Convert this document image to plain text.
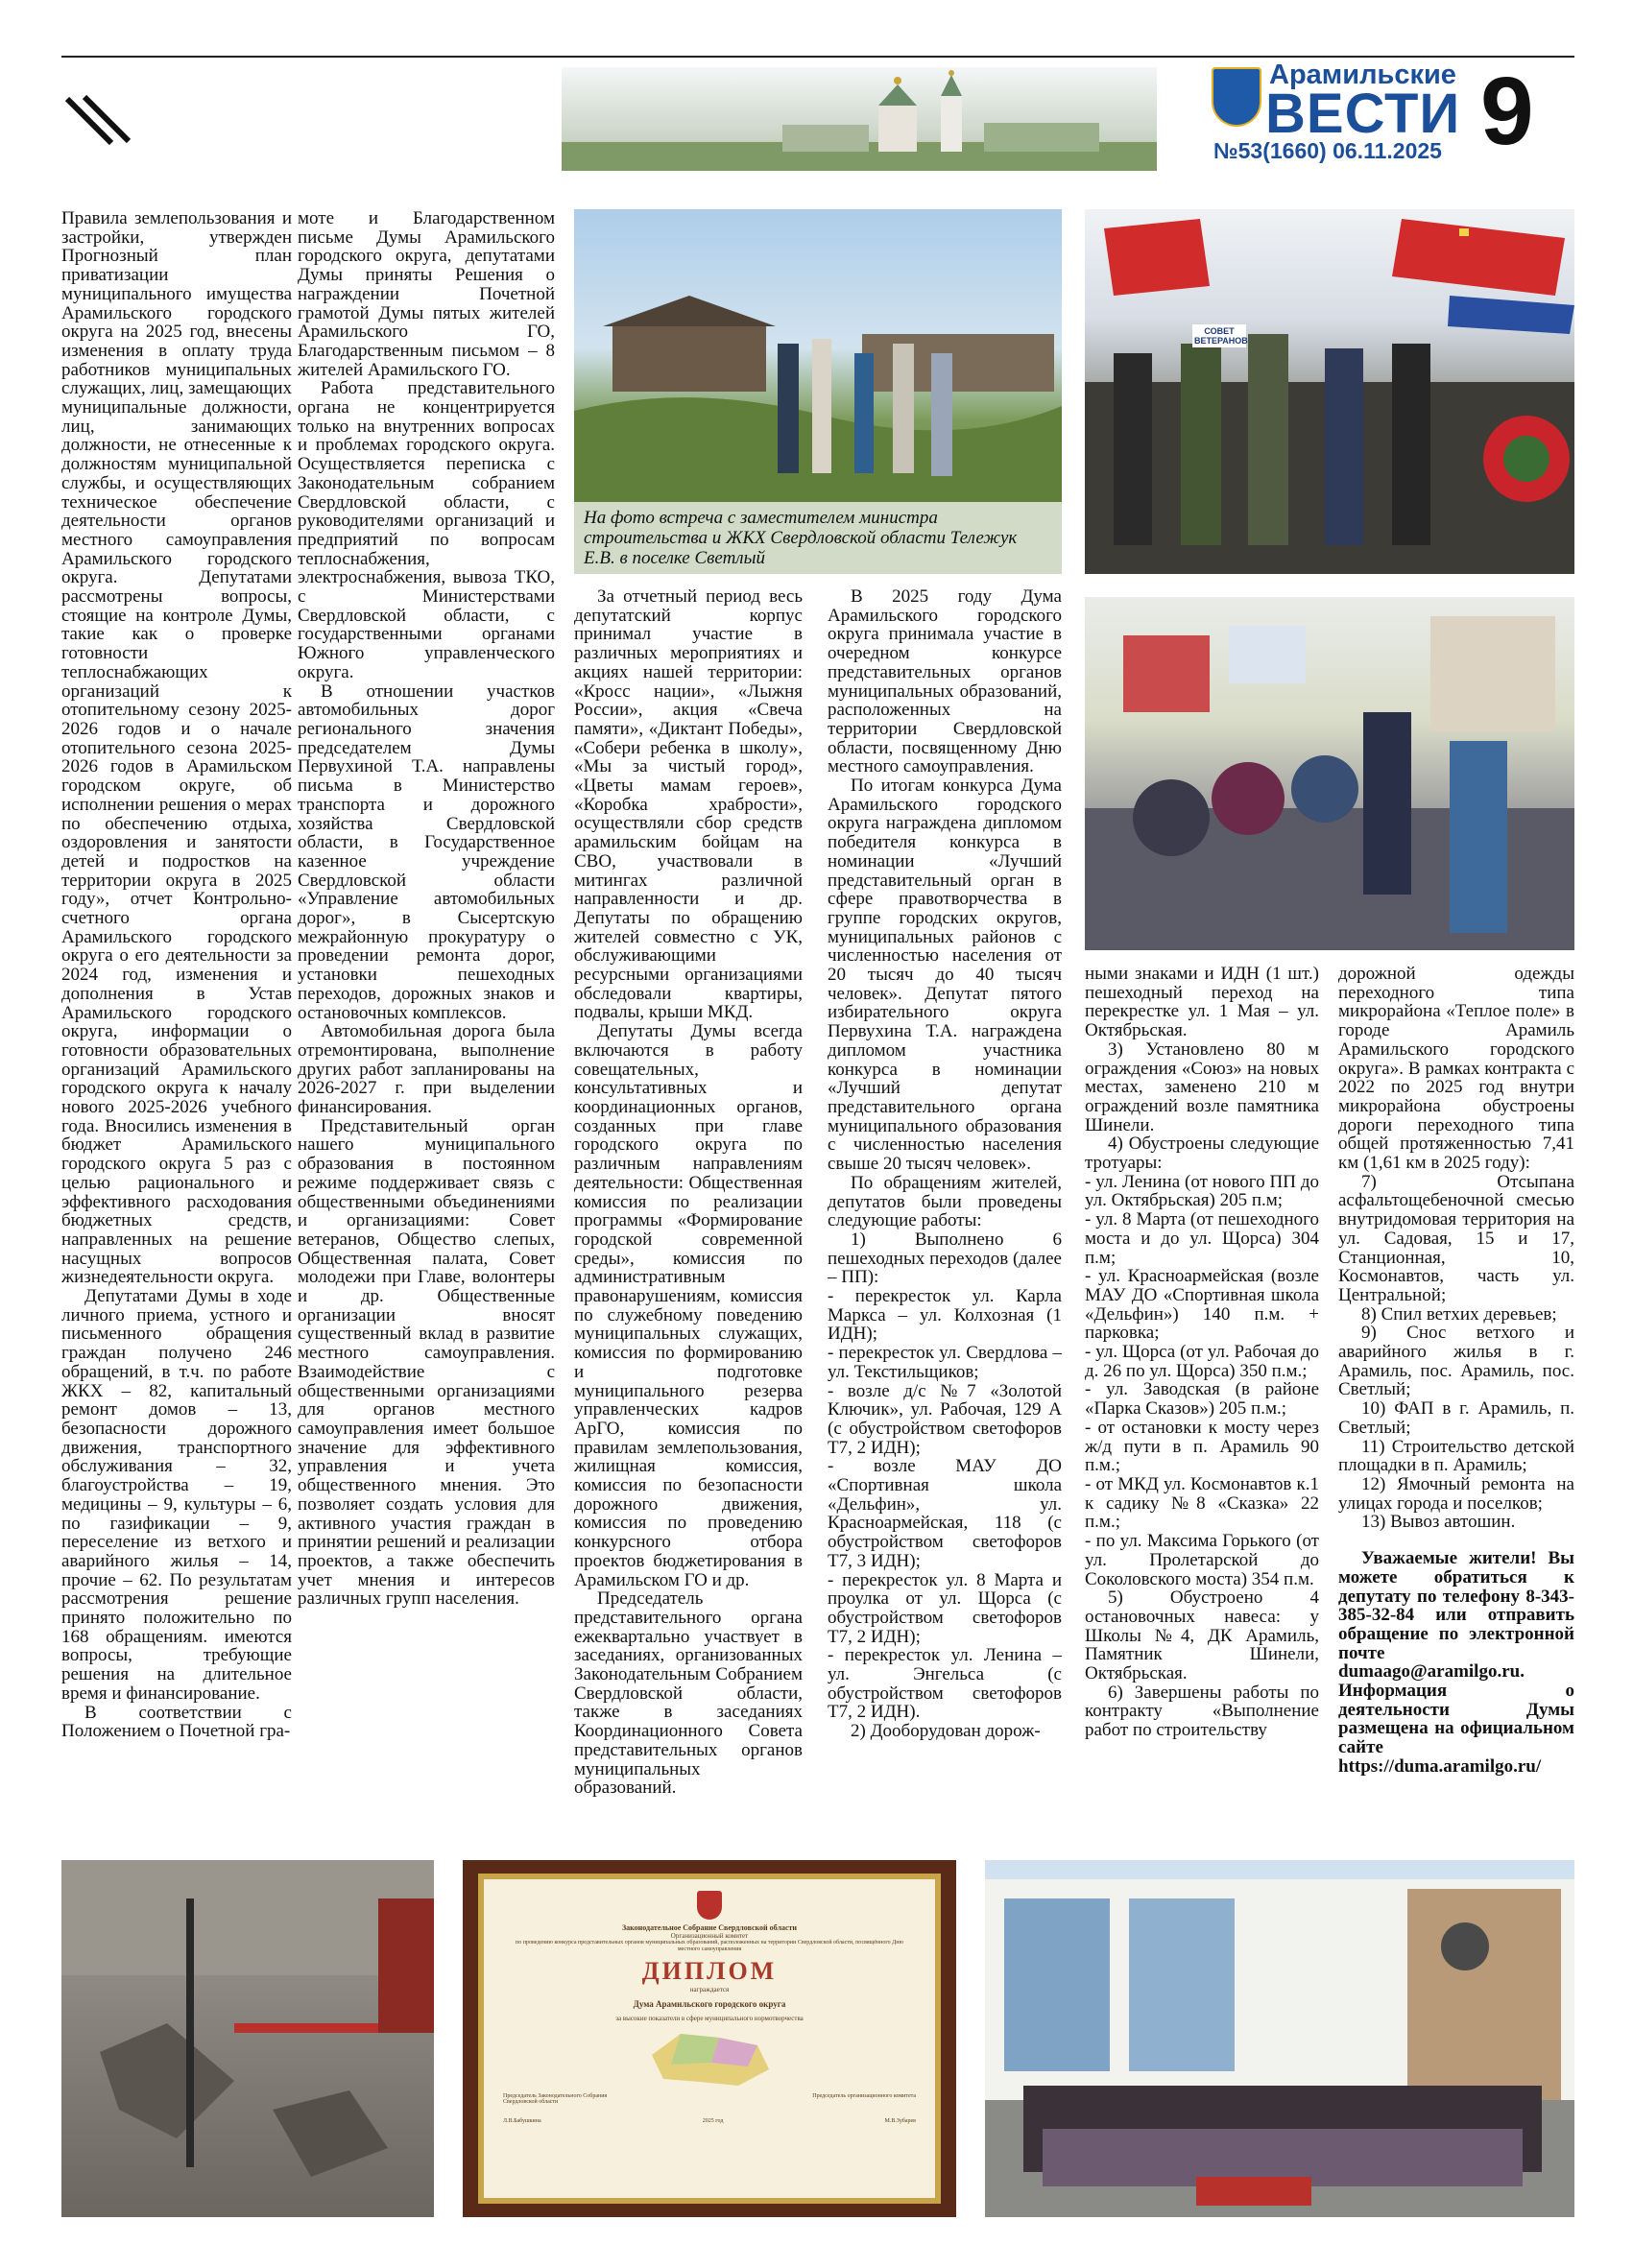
Арамильские
ВЕСТИ
№53(1660) 06.11.2025 9

Правила землепользования и застройки, утвержден Прогнозный план приватизации муниципального имущества Арамильского городского округа на 2025 год, внесены изменения в оплату труда работников муниципальных служащих, лиц, замещающих муниципальные должности, лиц, занимающих должности, не отнесенные к должностям муниципальной службы, и осуществляющих техническое обеспечение деятельности органов местного самоуправления Арамильского городского округа. Депутатами рассмотрены вопросы, стоящие на контроле Думы, такие как о проверке готовности теплоснабжающих организаций к отопительному сезону 2025-2026 годов и о начале отопительного сезона 2025-2026 годов в Арамильском городском округе, об исполнении решения о мерах по обеспечению отдыха, оздоровления и занятости детей и подростков на территории округа в 2025 году», отчет Контрольно-счетного органа Арамильского городского округа о его деятельности за 2024 год, изменения и дополнения в Устав Арамильского городского округа, информации о готовности образовательных организаций Арамильского городского округа к началу нового 2025-2026 учебного года. Вносились изменения в бюджет Арамильского городского округа 5 раз с целью рационального и эффективного расходования бюджетных средств, направленных на решение насущных вопросов жизнедеятельности округа.

Депутатами Думы в ходе личного приема, устного и письменного обращения граждан получено 246 обращений, в т.ч. по работе ЖКХ – 82, капитальный ремонт домов – 13, безопасности дорожного движения, транспортного обслуживания – 32, благоустройства – 19, медицины – 9, культуры – 6, по газификации – 9, переселение из ветхого и аварийного жилья – 14, прочие – 62. По результатам рассмотрения решение принято положительно по 168 обращениям. имеются вопросы, требующие решения на длительное время и финансирование.

В соответствии с Положением о Почетной гра-

моте и Благодарственном письме Думы Арамильского городского округа, депутатами Думы приняты Решения о награждении Почетной грамотой Думы пятых жителей Арамильского ГО, Благодарственным письмом – 8 жителей Арамильского ГО.

Работа представительного органа не концентрируется только на внутренних вопросах и проблемах городского округа. Осуществляется переписка с Законодательным собранием Свердловской области, с руководителями организаций и предприятий по вопросам теплоснабжения, электроснабжения, вывоза ТКО, с Министерствами Свердловской области, с государственными органами Южного управленческого округа.

В отношении участков автомобильных дорог регионального значения председателем Думы Первухиной Т.А. направлены письма в Министерство транспорта и дорожного хозяйства Свердловской области, в Государственное казенное учреждение Свердловской области «Управление автомобильных дорог», в Сысертскую межрайонную прокуратуру о проведении ремонта дорог, установки пешеходных переходов, дорожных знаков и остановочных комплексов.

Автомобильная дорога была отремонтирована, выполнение других работ запланированы на 2026-2027 г. при выделении финансирования.

Представительный орган нашего муниципального образования в постоянном режиме поддерживает связь с общественными объединениями и организациями: Совет ветеранов, Общество слепых, Общественная палата, Совет молодежи при Главе, волонтеры и др. Общественные организации вносят существенный вклад в развитие местного самоуправления. Взаимодействие с общественными организациями для органов местного самоуправления имеет большое значение для эффективного управления и учета общественного мнения. Это позволяет создать условия для активного участия граждан в принятии решений и реализации проектов, а также обеспечить учет мнения и интересов различных групп населения.

На фото встреча с заместителем министра строительства и ЖКХ Свердловской области Тележук Е.В. в поселке Светлый
СОВЕТ ВЕТЕРАНОВ

За отчетный период весь депутатский корпус принимал участие в различных мероприятиях и акциях нашей территории: «Кросс нации», «Лыжня России», акция «Свеча памяти», «Диктант Победы», «Собери ребенка в школу», «Мы за чистый город», «Цветы мамам героев», «Коробка храбрости», осуществляли сбор средств арамильским бойцам на СВО, участвовали в митингах различной направленности и др. Депутаты по обращению жителей совместно с УК, обслуживающими ресурсными организациями обследовали квартиры, подвалы, крыши МКД.

Депутаты Думы всегда включаются в работу совещательных, консультативных и координационных органов, созданных при главе городского округа по различным направлениям деятельности: Общественная комиссия по реализации программы «Формирование городской современной среды», комиссия по административным правонарушениям, комиссия по служебному поведению муниципальных служащих, комиссия по формированию и подготовке муниципального резерва управленческих кадров АрГО, комиссия по правилам землепользования, жилищная комиссия, комиссия по безопасности дорожного движения, комиссия по проведению конкурсного отбора проектов бюджетирования в Арамильском ГО и др.

Председатель представительного органа ежеквартально участвует в заседаниях, организованных Законодательным Собранием Свердловской области, также в заседаниях Координационного Совета представительных органов муниципальных образований.

В 2025 году Дума Арамильского городского округа принимала участие в очередном конкурсе представительных органов муниципальных образований, расположенных на территории Свердловской области, посвященному Дню местного самоуправления.

По итогам конкурса Дума Арамильского городского округа награждена дипломом победителя конкурса в номинации «Лучший представительный орган в сфере правотворчества в группе городских округов, муниципальных районов с численностью населения от 20 тысяч до 40 тысяч человек». Депутат пятого избирательного округа Первухина Т.А. награждена дипломом участника конкурса в номинации «Лучший депутат представительного органа муниципального образования с численностью населения свыше 20 тысяч человек».

По обращениям жителей, депутатов были проведены следующие работы:

1) Выполнено 6 пешеходных переходов (далее – ПП):

- перекресток ул. Карла Маркса – ул. Колхозная (1 ИДН);

- перекресток ул. Свердлова – ул. Текстильщиков;

- возле д/с №7 «Золотой Ключик», ул. Рабочая, 129 А (с обустройством светофоров Т7, 2 ИДН);

- возле МАУ ДО «Спортивная школа «Дельфин», ул. Красноармейская, 118 (с обустройством светофоров Т7, 3 ИДН);

- перекресток ул. 8 Марта и проулка от ул. Щорса (с обустройством светофоров Т7, 2 ИДН);

- перекресток ул. Ленина – ул. Энгельса (с обустройством светофоров Т7, 2 ИДН).

2) Дооборудован дорож-

ными знаками и ИДН (1 шт.) пешеходный переход на перекрестке ул. 1 Мая – ул. Октябрьская.

3) Установлено 80 м ограждения «Союз» на новых местах, заменено 210 м ограждений возле памятника Шинели.

4) Обустроены следующие тротуары:

- ул. Ленина (от нового ПП до ул. Октябрьская) 205 п.м;

- ул. 8 Марта (от пешеходного моста и до ул. Щорса) 304 п.м;

- ул. Красноармейская (возле МАУ ДО «Спортивная школа «Дельфин») 140 п.м. + парковка;

- ул. Щорса (от ул. Рабочая до д. 26 по ул. Щорса) 350 п.м.;

- ул. Заводская (в районе «Парка Сказов») 205 п.м.;

- от остановки к мосту через ж/д пути в п. Арамиль 90 п.м.;

- от МКД ул. Космонавтов к.1 к садику №8 «Сказка» 22 п.м.;

- по ул. Максима Горького (от ул. Пролетарской до Соколовского моста) 354 п.м.

5) Обустроено 4 остановочных навеса: у Школы №4, ДК Арамиль, Памятник Шинели, Октябрьская.

6) Завершены работы по контракту «Выполнение работ по строительству

дорожной одежды переходного типа микрорайона «Теплое поле» в городе Арамиль Арамильского городского округа». В рамках контракта с 2022 по 2025 год внутри микрорайона обустроены дороги переходного типа общей протяженностью 7,41 км (1,61 км в 2025 году):

7) Отсыпана асфальтощебеночной смесью внутридомовая территория на ул. Садовая, 15 и 17, Станционная, 10, Космонавтов, часть ул. Центральной;

8) Спил ветхих деревьев;

9) Снос ветхого и аварийного жилья в г. Арамиль, пос. Арамиль, пос. Светлый;

10) ФАП в г. Арамиль, п. Светлый;

11) Строительство детской площадки в п. Арамиль;

12) Ямочный ремонта на улицах города и поселков;

13) Вывоз автошин.

Уважаемые жители! Вы можете обратиться к депутату по телефону 8-343-385-32-84 или отправить обращение по электронной почте dumaago@aramilgo.ru. Информация о деятельности Думы размещена на официальном сайте https://duma.aramilgo.ru/

Законодательное Собрание Свердловской области
Организационный комитет
по проведению конкурса представительных органов муниципальных образований, расположенных на территории Свердловской области, посвящённого Дню местного самоуправления
ДИПЛОМ
награждается
Дума Арамильского городского округа
за высокие показатели в сфере муниципального нормотворчества
Председатель Законодательного Собрания Свердловской области
Председатель организационного комитета
Л.В.Бабушкина	2025 год	М.В.Зубарев
